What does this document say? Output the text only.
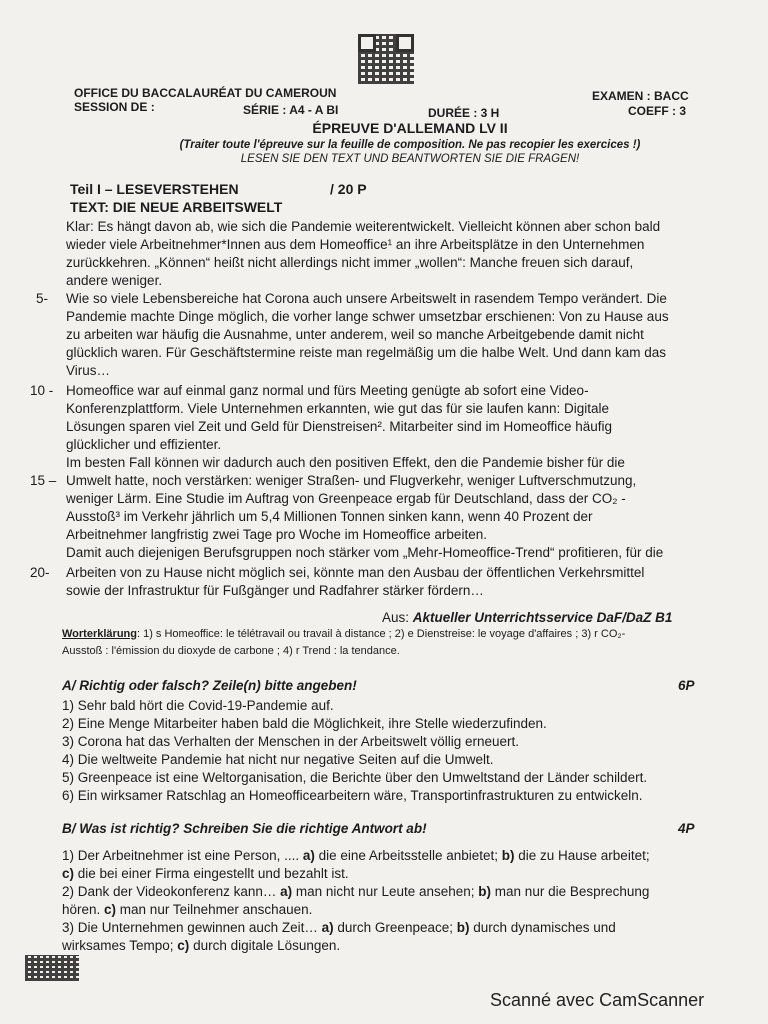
OFFICE DU BACCALAURÉAT DU CAMEROUN
SESSION DE :	SÉRIE : A4 - A BI	DURÉE : 3 H
EXAMEN : BACC
COEFF : 3
ÉPREUVE D'ALLEMAND LV II
(Traiter toute l'épreuve sur la feuille de composition. Ne pas recopier les exercices !)
LESEN SIE DEN TEXT UND BEANTWORTEN SIE DIE FRAGEN!
Teil I – LESEVERSTEHEN	/ 20 P
TEXT: DIE NEUE ARBEITSWELT
Klar: Es hängt davon ab, wie sich die Pandemie weiterentwickelt. Vielleicht können aber schon bald
wieder viele Arbeitnehmer*Innen aus dem Homeoffice¹ an ihre Arbeitsplätze in den Unternehmen
zurückkehren. „Können“ heißt nicht allerdings nicht immer „wollen“: Manche freuen sich darauf,
andere weniger.
5- Wie so viele Lebensbereiche hat Corona auch unsere Arbeitswelt in rasendem Tempo verändert. Die
Pandemie machte Dinge möglich, die vorher lange schwer umsetzbar erschienen: Von zu Hause aus
zu arbeiten war häufig die Ausnahme, unter anderem, weil so manche Arbeitgebende damit nicht
glücklich waren. Für Geschäftstermine reiste man regelmäßig um die halbe Welt. Und dann kam das
Virus…
10 - Homeoffice war auf einmal ganz normal und fürs Meeting genügte ab sofort eine Video-
Konferenzplattform. Viele Unternehmen erkannten, wie gut das für sie laufen kann: Digitale
Lösungen sparen viel Zeit und Geld für Dienstreisen². Mitarbeiter sind im Homeoffice häufig
glücklicher und effizienter.
Im besten Fall können wir dadurch auch den positiven Effekt, den die Pandemie bisher für die
15 – Umwelt hatte, noch verstärken: weniger Straßen- und Flugverkehr, weniger Luftverschmutzung,
weniger Lärm. Eine Studie im Auftrag von Greenpeace ergab für Deutschland, dass der CO₂ -
Ausstoß³ im Verkehr jährlich um 5,4 Millionen Tonnen sinken kann, wenn 40 Prozent der
Arbeitnehmer langfristig zwei Tage pro Woche im Homeoffice arbeiten.
Damit auch diejenigen Berufsgruppen noch stärker vom „Mehr-Homeoffice-Trend“ profitieren, für die
20- Arbeiten von zu Hause nicht möglich sei, könnte man den Ausbau der öffentlichen Verkehrsmittel
sowie der Infrastruktur für Fußgänger und Radfahrer stärker fördern…
Aus: Aktueller Unterrichtsservice DaF/DaZ B1
Worterklärung: 1) s Homeoffice: le télétravail ou travail à distance ; 2) e Dienstreise: le voyage d'affaires ; 3) r CO₂-
Ausstoß : l'émission du dioxyde de carbone ; 4) r Trend : la tendance.
A/ Richtig oder falsch? Zeile(n) bitte angeben!	6P
1) Sehr bald hört die Covid-19-Pandemie auf.
2) Eine Menge Mitarbeiter haben bald die Möglichkeit, ihre Stelle wiederzufinden.
3) Corona hat das Verhalten der Menschen in der Arbeitswelt völlig erneuert.
4) Die weltweite Pandemie hat nicht nur negative Seiten auf die Umwelt.
5) Greenpeace ist eine Weltorganisation, die Berichte über den Umweltstand der Länder schildert.
6) Ein wirksamer Ratschlag an Homeofficearbeitern wäre, Transportinfrastrukturen zu entwickeln.
B/ Was ist richtig? Schreiben Sie die richtige Antwort ab!	4P
1) Der Arbeitnehmer ist eine Person, .... a) die eine Arbeitsstelle anbietet; b) die zu Hause arbeitet;
c) die bei einer Firma eingestellt und bezahlt ist.
2) Dank der Videokonferenz kann… a) man nicht nur Leute ansehen; b) man nur die Besprechung
hören. c) man nur Teilnehmer anschauen.
3) Die Unternehmen gewinnen auch Zeit… a) durch Greenpeace; b) durch dynamisches und
wirksames Tempo; c) durch digitale Lösungen.
Scanné avec CamScanner
